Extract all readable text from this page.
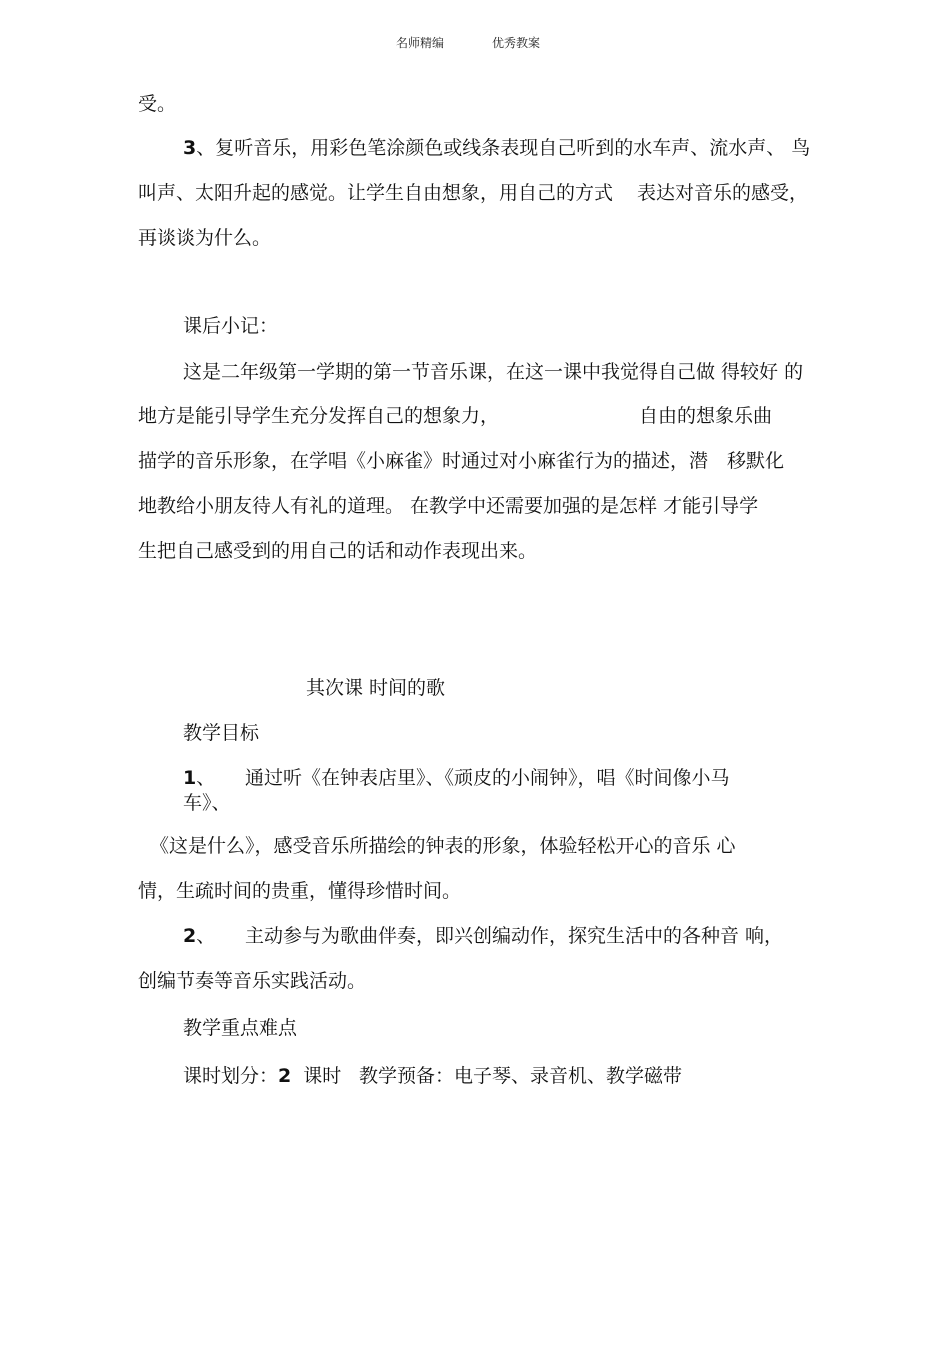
名师精编	优秀教案
受。
3、复听音乐，用彩色笔涂颜色或线条表现自己听到的水车声、流水声、 鸟
叫声、太阳升起的感觉。让学生自由想象，用自己的方式 表达对音乐的感受，
再谈谈为什么。
课后小记：
这是二年级第一学期的第一节音乐课，在这一课中我觉得自己做 得较好 的
地方是能引导学生充分发挥自己的想象力，	自由的想象乐曲
描学的音乐形象，在学唱《小麻雀》时通过对小麻雀行为的描述，潜 移默化
地教给小朋友待人有礼的道理。 在教学中还需要加强的是怎样 才能引导学
生把自己感受到的用自己的话和动作表现出来。
其次课 时间的歌
教学目标
1、 通过听《在钟表店里》、《顽皮的小闹钟》，唱《时间像小马
车》、
《这是什么》，感受音乐所描绘的钟表的形象，体验轻松开心的音乐 心
情，生疏时间的贵重，懂得珍惜时间。
2、 主动参与为歌曲伴奏，即兴创编动作，探究生活中的各种音 响，
创编节奏等音乐实践活动。
教学重点难点
课时划分：2 课时 教学预备：电子琴、录音机、教学磁带
